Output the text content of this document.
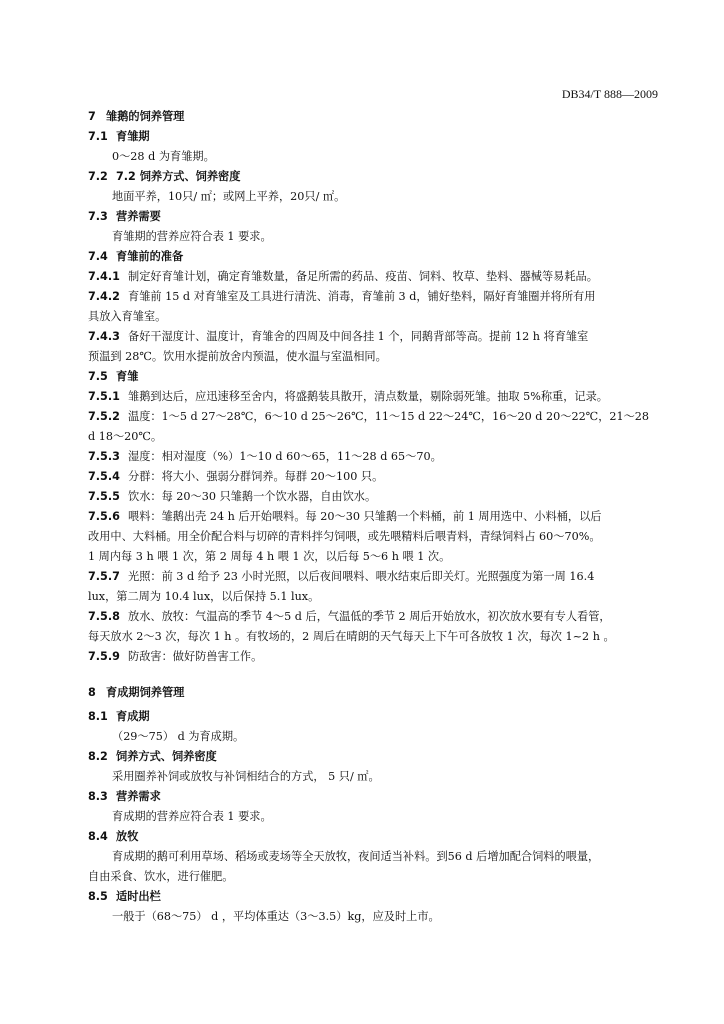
DB34/T 888—2009
7 雏鹅的饲养管理
7.1 育雏期
0～28 d 为育雏期。
7.2 7.2 饲养方式、饲养密度
地面平养，10只/ ㎡；或网上平养，20只/ ㎡。
7.3 营养需要
育雏期的营养应符合表 1 要求。
7.4 育雏前的准备
7.4.1 制定好育雏计划，确定育雏数量，备足所需的药品、疫苗、饲料、牧草、垫料、器械等易耗品。
7.4.2 育雏前 15 d 对育雏室及工具进行清洗、消毒，育雏前 3 d，铺好垫料，隔好育雏圈并将所有用
具放入育雏室。
7.4.3 备好干湿度计、温度计，育雏舍的四周及中间各挂 1 个，同鹅背部等高。提前 12 h 将育雏室
预温到 28℃。饮用水提前放舍内预温，使水温与室温相同。
7.5 育雏
7.5.1 雏鹅到达后，应迅速移至舍内，将盛鹅装具散开，清点数量，剔除弱死雏。抽取 5%称重，记录。
7.5.2 温度：1～5 d 27～28℃，6～10 d 25～26℃，11～15 d 22～24℃，16～20 d 20～22℃，21～28
d 18～20℃。
7.5.3 湿度：相对湿度（%）1～10 d 60～65，11～28 d 65～70。
7.5.4 分群：将大小、强弱分群饲养。每群 20～100 只。
7.5.5 饮水：每 20～30 只雏鹅一个饮水器，自由饮水。
7.5.6 喂料：雏鹅出壳 24 h 后开始喂料。每 20～30 只雏鹅一个料桶，前 1 周用选中、小料桶，以后
改用中、大料桶。用全价配合料与切碎的青料拌匀饲喂，或先喂精料后喂青料，青绿饲料占 60～70%。
1 周内每 3 h 喂 1 次，第 2 周每 4 h 喂 1 次，以后每 5～6 h 喂 1 次。
7.5.7 光照：前 3 d 给予 23 小时光照，以后夜间喂料、喂水结束后即关灯。光照强度为第一周 16.4
lux，第二周为 10.4 lux，以后保持 5.1 lux。
7.5.8 放水、放牧：气温高的季节 4～5 d 后，气温低的季节 2 周后开始放水，初次放水要有专人看管，
每天放水 2～3 次，每次 1 h 。有牧场的，2 周后在晴朗的天气每天上下午可各放牧 1 次，每次 1~2 h 。
7.5.9 防敌害：做好防兽害工作。
8 育成期饲养管理
8.1 育成期
（29～75） d 为育成期。
8.2 饲养方式、饲养密度
采用圈养补饲或放牧与补饲相结合的方式， 5 只/ ㎡。
8.3 营养需求
育成期的营养应符合表 1 要求。
8.4 放牧
育成期的鹅可利用草场、稻场或麦场等全天放牧，夜间适当补料。到56 d 后增加配合饲料的喂量，
自由采食、饮水，进行催肥。
8.5 适时出栏
一般于（68～75） d ，平均体重达（3～3.5）kg，应及时上市。
